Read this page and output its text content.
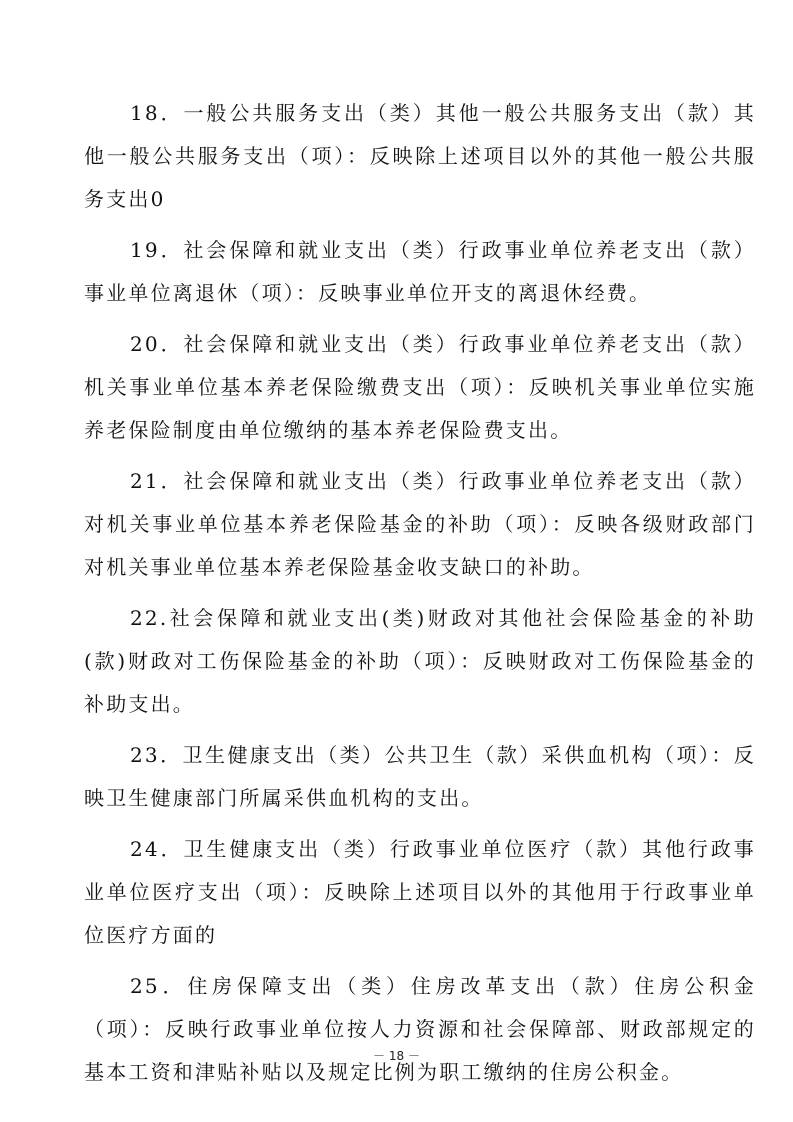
18．一般公共服务支出（类）其他一般公共服务支出（款）其他一般公共服务支出（项）：反映除上述项目以外的其他一般公共服务支出0

19．社会保障和就业支出（类）行政事业单位养老支出（款）事业单位离退休（项）：反映事业单位开支的离退休经费。

20．社会保障和就业支出（类）行政事业单位养老支出（款）机关事业单位基本养老保险缴费支出（项）：反映机关事业单位实施养老保险制度由单位缴纳的基本养老保险费支出。

21．社会保障和就业支出（类）行政事业单位养老支出（款）对机关事业单位基本养老保险基金的补助（项）：反映各级财政部门对机关事业单位基本养老保险基金收支缺口的补助。

22.社会保障和就业支出(类)财政对其他社会保险基金的补助(款)财政对工伤保险基金的补助（项）：反映财政对工伤保险基金的补助支出。

23．卫生健康支出（类）公共卫生（款）采供血机构（项）：反映卫生健康部门所属采供血机构的支出。

24．卫生健康支出（类）行政事业单位医疗（款）其他行政事业单位医疗支出（项）：反映除上述项目以外的其他用于行政事业单位医疗方面的

25．住房保障支出（类）住房改革支出（款）住房公积金（项）：反映行政事业单位按人力资源和社会保障部、财政部规定的 基本工资和津贴补贴以及规定比例为职工缴纳的住房公积金。

－ 18 －
